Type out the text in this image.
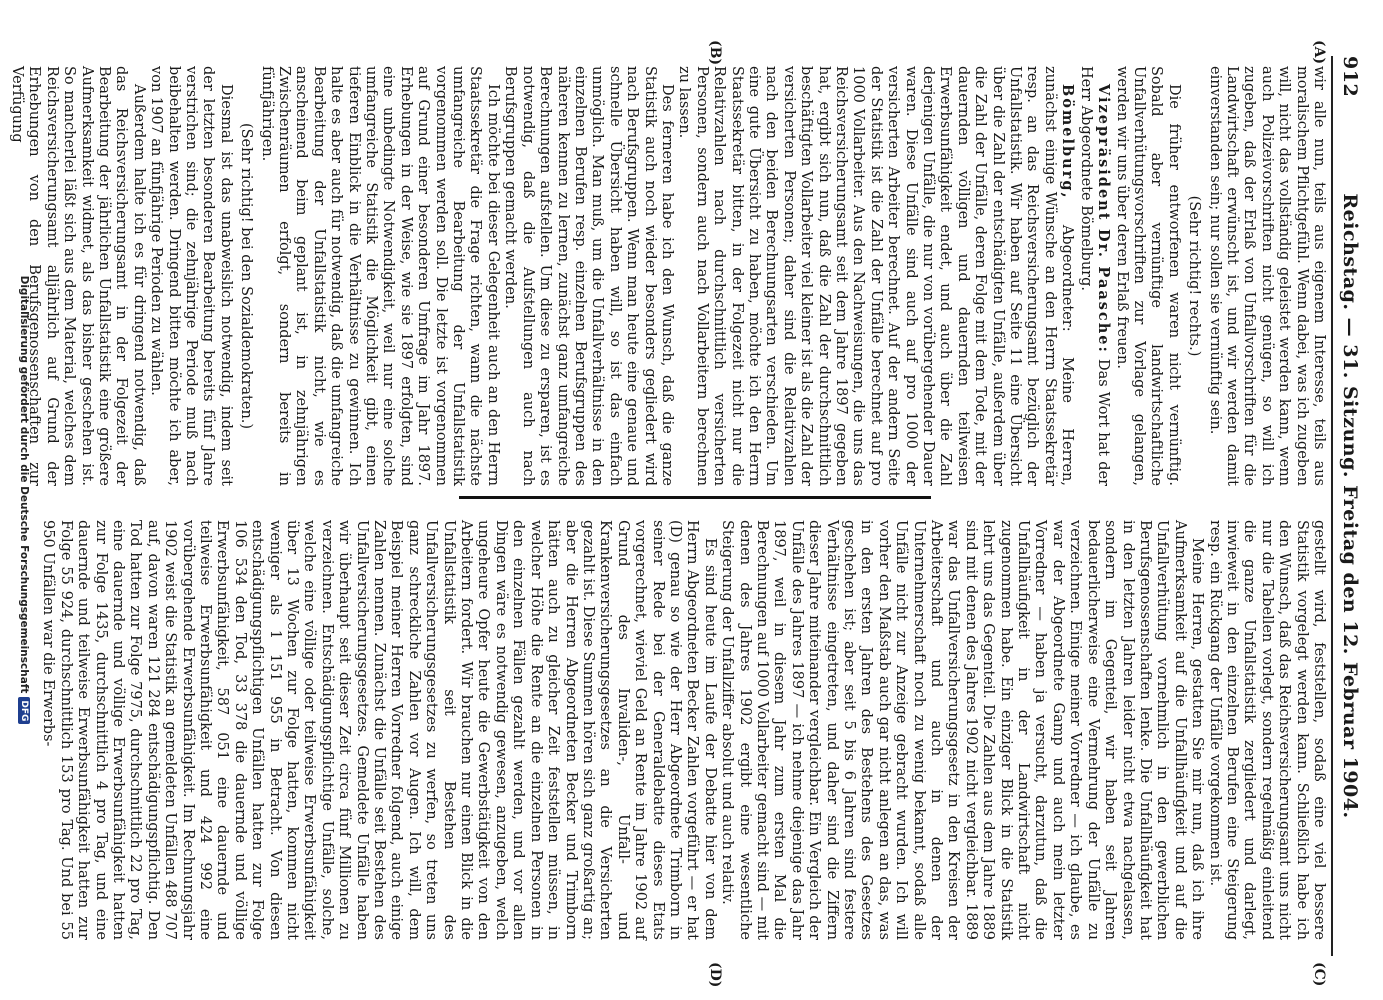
912
Reichstag. — 31. Sitzung. Freitag den 12. Februar 1904.
(A)
(B)
(C)
(D)

wir alle nun, teils aus eigenem Interesse, teils aus moralischem Pflichtgefühl. Wenn dabei, was ich zugeben will, nicht das vollständig geleistet werden kann, wenn auch Polizeivorschriften nicht genügen, so will ich zugeben, daß der Erlaß von Unfallvorschriften für die Landwirtschaft erwünscht ist, und wir werden damit einverstanden sein; nur sollen sie vernünftig sein.

(Sehr richtig! rechts.)

Die früher entworfenen waren nicht vernünftig. Sobald aber vernünftige landwirtschaftliche Unfallverhütungsvorschriften zur Vorlage gelangen, werden wir uns über deren Erlaß freuen.

Vizepräsident Dr. Paasche: Das Wort hat der Herr Abgeordnete Bömelburg.

Bömelburg, Abgeordneter: Meine Herren, zunächst einige Wünsche an den Herrn Staatssekretär resp. an das Reichsversicherungsamt bezüglich der Unfallstatistik. Wir haben auf Seite 11 eine Übersicht über die Zahl der entschädigten Unfälle, außerdem über die Zahl der Unfälle, deren Folge mit dem Tode, mit der dauernden völligen und dauernden teilweisen Erwerbsunfähigkeit endet, und auch über die Zahl derjenigen Unfälle, die nur von vorübergehender Dauer waren. Diese Unfälle sind auch auf pro 1000 der versicherten Arbeiter berechnet. Auf der andern Seite der Statistik ist die Zahl der Unfälle berechnet auf pro 1000 Vollarbeiter. Aus den Nachweisungen, die uns das Reichsversicherungsamt seit dem Jahre 1897 gegeben hat, ergibt sich nun, daß die Zahl der durchschnittlich beschäftigten Vollarbeiter viel kleiner ist als die Zahl der versicherten Personen; daher sind die Relativzahlen nach den beiden Berechnungsarten verschieden. Um eine gute Übersicht zu haben, möchte ich den Herrn Staatssekretär bitten, in der Folgezeit nicht nur die Relativzahlen nach durchschnittlich versicherten Personen, sondern auch nach Vollarbeitern berechnen zu lassen.

Des ferneren habe ich den Wunsch, daß die ganze Statistik auch noch wieder besonders gegliedert wird nach Berufsgruppen. Wenn man heute eine genaue und schnelle Übersicht haben will, so ist das einfach unmöglich. Man muß, um die Unfallverhältnisse in den einzelnen Berufen resp. einzelnen Berufsgruppen des näheren kennen zu lernen, zunächst ganz umfangreiche Berechnungen aufstellen. Um diese zu ersparen, ist es notwendig, daß die Aufstellungen auch nach Berufsgruppen gemacht werden.

Ich möchte bei dieser Gelegenheit auch an den Herrn Staatssekretär die Frage richten, wann die nächste umfangreiche Bearbeitung der Unfallstatistik vorgenommen werden soll. Die letzte ist vorgenommen auf Grund einer besonderen Umfrage im Jahr 1897. Erhebungen in der Weise, wie sie 1897 erfolgten, sind eine unbedingte Notwendigkeit, weil nur eine solche umfangreiche Statistik die Möglichkeit gibt, einen tieferen Einblick in die Verhältnisse zu gewinnen. Ich halte es aber auch für notwendig, daß die umfangreiche Bearbeitung der Unfallstatistik nicht, wie es anscheinend beim geplant ist, in zehnjährigen Zwischenräumen erfolgt, sondern bereits in fünfjährigen.

(Sehr richtig! bei den Sozialdemokraten.)

Diesmal ist das unabweislich notwendig, indem seit der letzten besonderen Bearbeitung bereits fünf Jahre verstrichen sind; die zehnjährige Periode muß nach beibehalten werden. Dringend bitten möchte ich aber, von 1907 an fünfjährige Perioden zu wählen.

Außerdem halte ich es für dringend notwendig, daß das Reichsversicherungsamt in der Folgezeit der Bearbeitung der jährlichen Unfallstatistik eine größere Aufmerksamkeit widmet, als das bisher geschehen ist. So mancherlei läßt sich aus dem Material, welches dem Reichsversicherungsamt alljährlich auf Grund der Erhebungen von den Berufsgenossenschaften zur Verfügung

gestellt wird, feststellen, sodaß eine viel bessere Statistik vorgelegt werden kann. Schließlich habe ich den Wunsch, daß das Reichsversicherungsamt uns nicht nur die Tabellen vorlegt, sondern regelmäßig einleitend die ganze Unfallstatistik zergliedert und darlegt, inwieweit in den einzelnen Berufen eine Steigerung resp. ein Rückgang der Unfälle vorgekommen ist.

Meine Herren, gestatten Sie mir nun, daß ich ihre Aufmerksamkeit auf die Unfallhäufigkeit und auf die Unfallverhütung vornehmlich in den gewerblichen Berufsgenossenschaften lenke. Die Unfallhäufigkeit hat in den letzten Jahren leider nicht etwa nachgelassen, sondern im Gegenteil, wir haben seit Jahren bedauerlicherweise eine Vermehrung der Unfälle zu verzeichnen. Einige meiner Vorredner — ich glaube, es war der Abgeordnete Gamp und auch mein letzter Vorredner — haben ja versucht, darzutun, daß die Unfallhäufigkeit in der Landwirtschaft nicht zugenommen habe. Ein einziger Blick in die Statistik lehrt uns das Gegenteil. Die Zahlen aus dem Jahre 1889 sind mit denen des Jahres 1902 nicht vergleichbar. 1889 war das Unfallversicherungsgesetz in den Kreisen der Arbeiterschaft und auch in denen der Unternehmerschaft noch zu wenig bekannt, sodaß alle Unfälle nicht zur Anzeige gebracht wurden. Ich will vorher den Maßstab auch gar nicht anlegen an das, was in den ersten Jahren des Bestehens des Gesetzes geschehen ist; aber seit 5 bis 6 Jahren sind festere Verhältnisse eingetreten, und daher sind die Ziffern dieser Jahre miteinander vergleichbar. Ein Vergleich der Unfälle des Jahres 1897 — ich nehme diejenige das Jahr 1897, weil in diesem Jahr zum ersten Mal die Berechnungen auf 1000 Vollarbeiter gemacht sind — mit denen des Jahres 1902 ergibt eine wesentliche Steigerung der Unfallziffer absolut und auch relativ.

Es sind heute im Laufe der Debatte hier von dem Herrn Abgeordneten Becker Zahlen vorgeführt — er hat (D) genau so wie der Herr Abgeordnete Trimborn in seiner Rede bei der Generaldebatte dieses Etats vorgerechnet, wieviel Geld an Rente im Jahre 1902 auf Grund des Invaliden-, Unfall- und Krankenversicherungsgesetzes an die Versicherten gezahlt ist. Diese Summen hören sich ganz großartig an; aber die Herren Abgeordneten Becker und Trimborn hätten auch zu gleicher Zeit feststellen müssen, in welcher Höhe die Rente an die einzelnen Personen in den einzelnen Fällen gezahlt werden, und vor allen Dingen wäre es notwendig gewesen, anzugeben, welch ungeheure Opfer heute die Gewerbstätigkeit von den Arbeitern fordert. Wir brauchen nur einen Blick in die Unfallstatistik seit Bestehen des Unfallversicherungsgesetzes zu werfen, so treten uns ganz schreckliche Zahlen vor Augen. Ich will, dem Beispiel meiner Herren Vorredner folgend, auch einige Zahlen nennen. Zunächst die Unfälle seit Bestehen des Unfallversicherungsgesetzes. Gemeldete Unfälle haben wir überhaupt seit dieser Zeit circa fünf Millionen zu verzeichnen. Entschädigungspflichtige Unfälle, solche, welche eine völlige oder teilweise Erwerbsunfähigkeit über 13 Wochen zur Folge hatten, kommen nicht weniger als 1 151 955 in Betracht. Von diesen entschädigungspflichtigen Unfällen hatten zur Folge 106 534 den Tod, 33 378 die dauernde und völlige Erwerbsunfähigkeit, 587 051 eine dauernde und teilweise Erwerbsunfähigkeit und 424 992 eine vorübergehende Erwerbsunfähigkeit. Im Rechnungsjahr 1902 weist die Statistik an gemeldeten Unfällen 488 707 auf, davon waren 121 284 entschädigungspflichtig. Den Tod hatten zur Folge 7975, durchschnittlich 22 pro Tag, eine dauernde und völlige Erwerbsunfähigkeit hatten zur Folge 1435, durchschnittlich 4 pro Tag, und eine dauernde und teilweise Erwerbsunfähigkeit hatten zur Folge 55 924, durchschnittlich 153 pro Tag. Und bei 55 950 Unfällen war die Erwerbs-

Digitalisierung gefördert durch die Deutsche ForschungsgemeinschaftDFG
